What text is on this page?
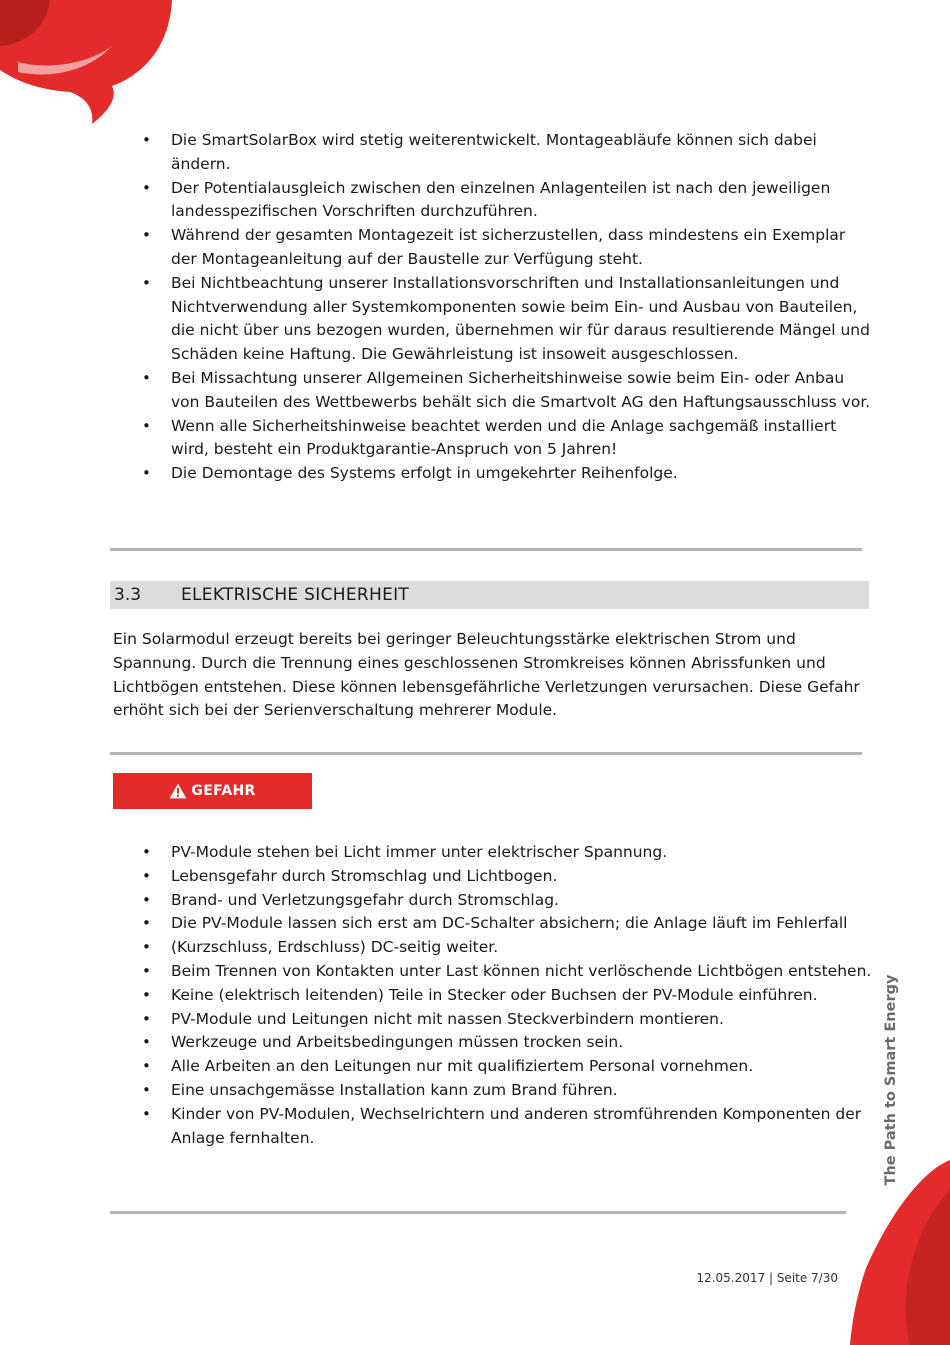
The Path to Smart Energy
• Die SmartSolarBox wird stetig weiterentwickelt. Montageabläufe können sich dabei ändern.
• Der Potentialausgleich zwischen den einzelnen Anlagenteilen ist nach den jeweiligen landesspezifischen Vorschriften durchzuführen.
• Während der gesamten Montagezeit ist sicherzustellen, dass mindestens ein Exemplar der Montageanleitung auf der Baustelle zur Verfügung steht.
• Bei Nichtbeachtung unserer Installationsvorschriften und Installationsanleitungen und Nichtverwendung aller Systemkomponenten sowie beim Ein- und Ausbau von Bauteilen, die nicht über uns bezogen wurden, übernehmen wir für daraus resultierende Mängel und Schäden keine Haftung. Die Gewährleistung ist insoweit ausgeschlossen.
• Bei Missachtung unserer Allgemeinen Sicherheitshinweise sowie beim Ein- oder Anbau von Bauteilen des Wettbewerbs behält sich die Smartvolt AG den Haftungsausschluss vor.
• Wenn alle Sicherheitshinweise beachtet werden und die Anlage sachgemäß installiert wird, besteht ein Produktgarantie-Anspruch von 5 Jahren!
• Die Demontage des Systems erfolgt in umgekehrter Reihenfolge.
3.3 ELEKTRISCHE SICHERHEIT

Ein Solarmodul erzeugt bereits bei geringer Beleuchtungsstärke elektrischen Strom und Spannung. Durch die Trennung eines geschlossenen Stromkreises können Abrissfunken und Lichtbögen entstehen. Diese können lebensgefährliche Verletzungen verursachen. Diese Gefahr erhöht sich bei der Serienverschaltung mehrerer Module.

GEFAHR
• PV-Module stehen bei Licht immer unter elektrischer Spannung.
• Lebensgefahr durch Stromschlag und Lichtbogen.
• Brand- und Verletzungsgefahr durch Stromschlag.
• Die PV-Module lassen sich erst am DC-Schalter absichern; die Anlage läuft im Fehlerfall
• (Kurzschluss, Erdschluss) DC-seitig weiter.
• Beim Trennen von Kontakten unter Last können nicht verlöschende Lichtbögen entstehen.
• Keine (elektrisch leitenden) Teile in Stecker oder Buchsen der PV-Module einführen.
• PV-Module und Leitungen nicht mit nassen Steckverbindern montieren.
• Werkzeuge und Arbeitsbedingungen müssen trocken sein.
• Alle Arbeiten an den Leitungen nur mit qualifiziertem Personal vornehmen.
• Eine unsachgemässe Installation kann zum Brand führen.
• Kinder von PV-Modulen, Wechselrichtern und anderen stromführenden Komponenten der Anlage fernhalten.
12.05.2017 | Seite 7/30
